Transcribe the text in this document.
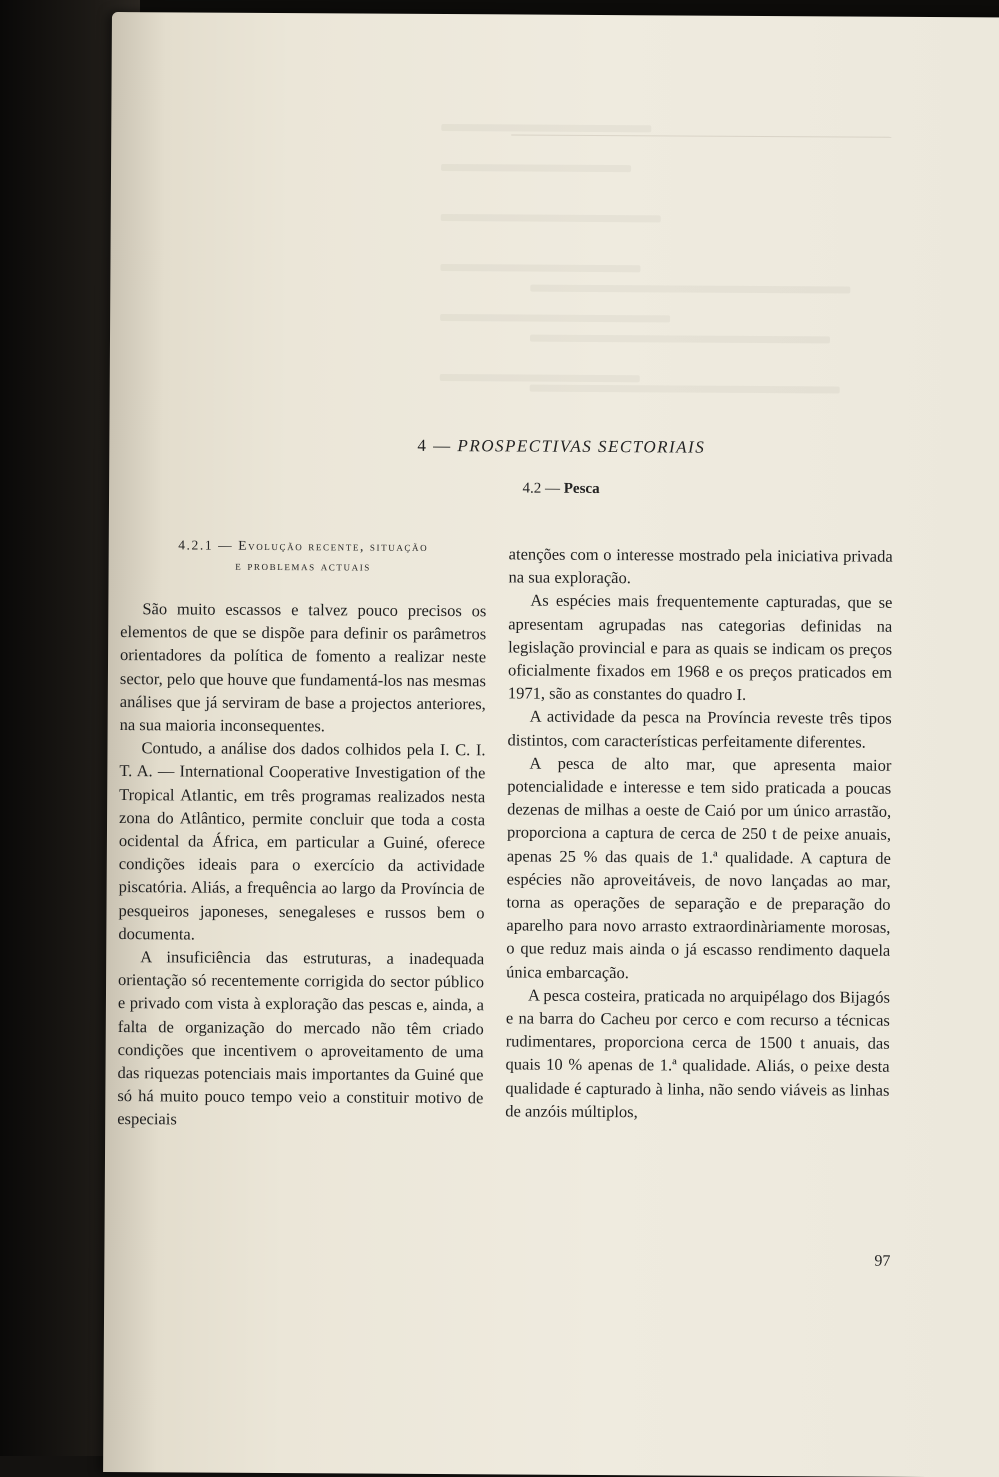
4 — PROSPECTIVAS SECTORIAIS
4.2 — Pesca
4.2.1 — Evolução recente, situação
e problemas actuais

São muito escassos e talvez pouco precisos os elementos de que se dispõe para definir os parâmetros orientadores da política de fomento a realizar neste sector, pelo que houve que fundamentá-los nas mesmas análises que já serviram de base a projectos anteriores, na sua maioria inconsequentes.

Contudo, a análise dos dados colhidos pela I. C. I. T. A. — International Cooperative Investigation of the Tropical Atlantic, em três programas realizados nesta zona do Atlântico, permite concluir que toda a costa ocidental da África, em particular a Guiné, oferece condições ideais para o exercício da actividade piscatória. Aliás, a frequência ao largo da Província de pesqueiros japoneses, senegaleses e russos bem o documenta.

A insuficiência das estruturas, a inadequada orientação só recentemente corrigida do sector público e privado com vista à exploração das pescas e, ainda, a falta de organização do mercado não têm criado condições que incentivem o aproveitamento de uma das riquezas potenciais mais importantes da Guiné que só há muito pouco tempo veio a constituir motivo de especiais

atenções com o interesse mostrado pela iniciativa privada na sua exploração.

As espécies mais frequentemente capturadas, que se apresentam agrupadas nas categorias definidas na legislação provincial e para as quais se indicam os preços oficialmente fixados em 1968 e os preços praticados em 1971, são as constantes do quadro I.

A actividade da pesca na Província reveste três tipos distintos, com características perfeitamente diferentes.

A pesca de alto mar, que apresenta maior potencialidade e interesse e tem sido praticada a poucas dezenas de milhas a oeste de Caió por um único arrastão, proporciona a captura de cerca de 250 t de peixe anuais, apenas 25 % das quais de 1.ª qualidade. A captura de espécies não aproveitáveis, de novo lançadas ao mar, torna as operações de separação e de preparação do aparelho para novo arrasto extraordinàriamente morosas, o que reduz mais ainda o já escasso rendimento daquela única embarcação.

A pesca costeira, praticada no arquipélago dos Bijagós e na barra do Cacheu por cerco e com recurso a técnicas rudimentares, proporciona cerca de 1500 t anuais, das quais 10 % apenas de 1.ª qualidade. Aliás, o peixe desta qualidade é capturado à linha, não sendo viáveis as linhas de anzóis múltiplos,

97
